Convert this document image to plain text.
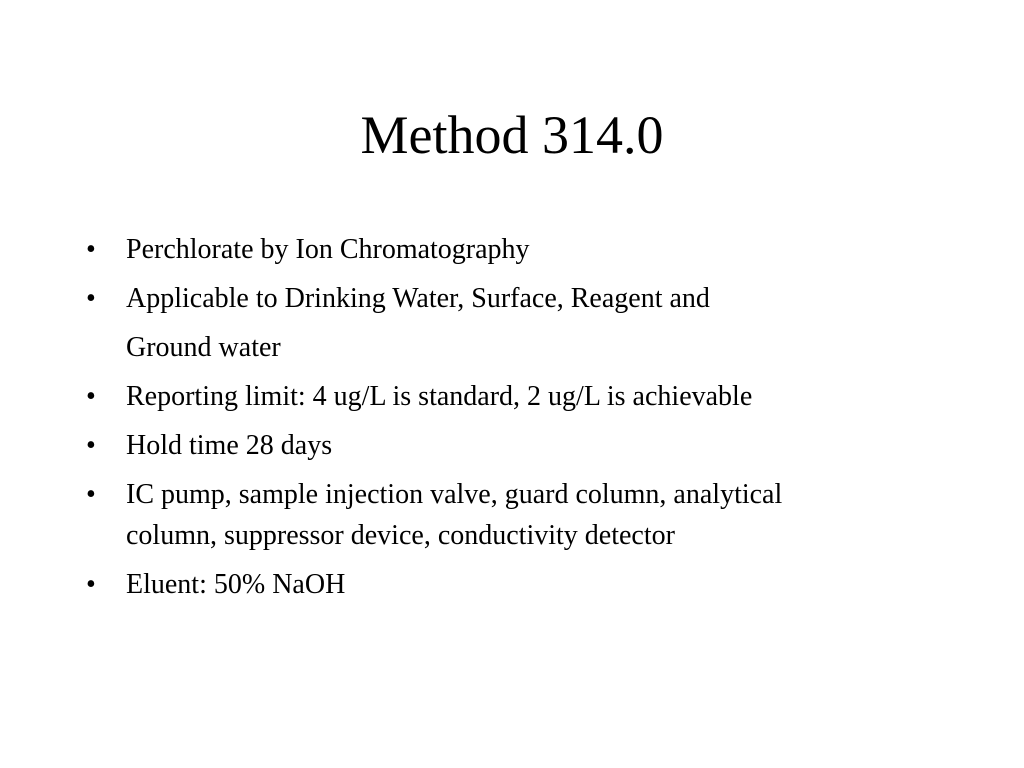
Method 314.0
• Perchlorate by Ion Chromatography
• Applicable to Drinking Water, Surface, Reagent and
Ground water
• Reporting limit: 4 ug/L is standard, 2 ug/L is achievable
• Hold time 28 days
• IC pump, sample injection valve, guard column, analytical
column, suppressor device, conductivity detector
• Eluent: 50% NaOH
